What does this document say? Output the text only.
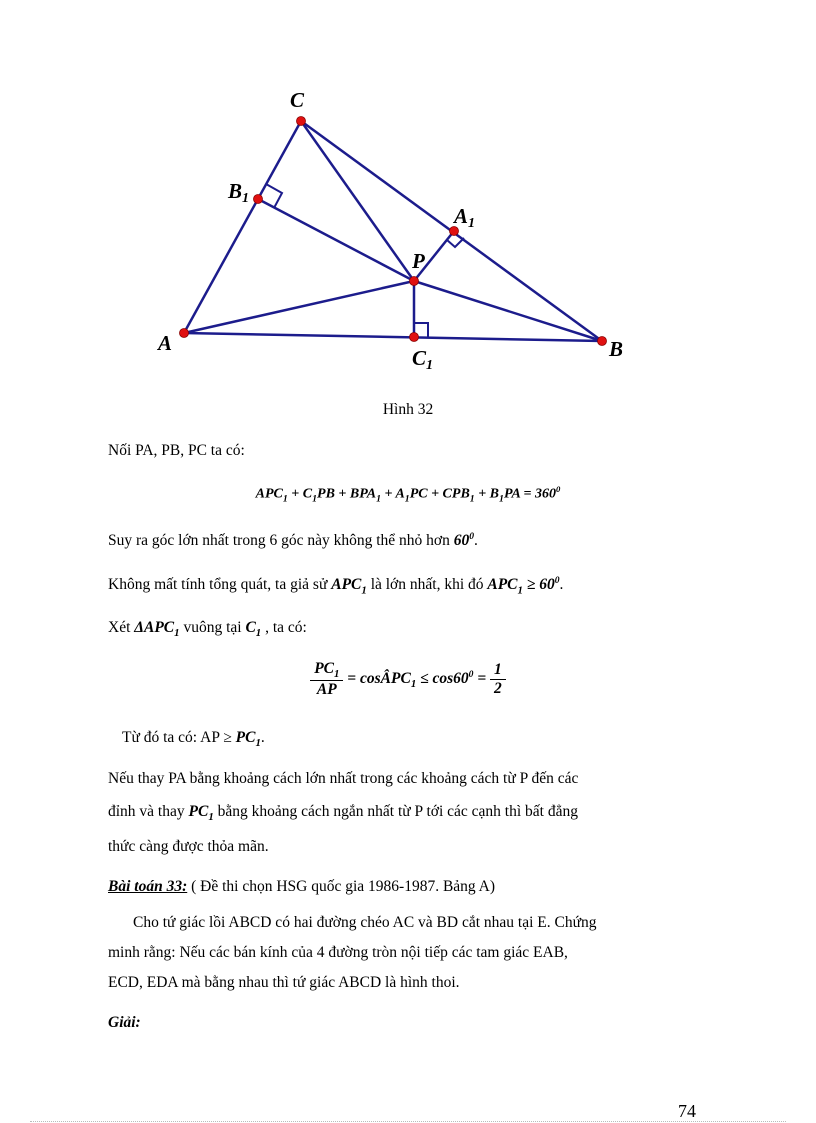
C
B1
A1
P
A
C1
B
Hình 32
Nối PA, PB, PC ta có:
$APC_1 + C_1PB + BPA_1 + A_1PC + CPB_1 + B_1PA = 360^0$
Suy ra góc lớn nhất trong 6 góc này không thể nhỏ hơn $60^0$.
Không mất tính tổng quát, ta giả sử $APC_1$ là lớn nhất, khi đó $APC_1 \ge 60^0$.
Xét $\Delta APC_1$ vuông tại $C_1$ , ta có:
$\frac{PC_1}{AP}$ = cosÂPC$_1$ ≤ $\cos 60^0 = \frac{1}{2}$
Từ đó ta có: AP ≥ $PC_1$.
Nếu thay PA bằng khoảng cách lớn nhất trong các khoảng cách từ P đến các
đỉnh và thay $PC_1$ bằng khoảng cách ngắn nhất từ P tới các cạnh thì bất đẳng
thức càng được thỏa mãn.
Bài toán 33: ( Đề thi chọn HSG quốc gia 1986-1987. Bảng A)
Cho tứ giác lồi ABCD có hai đường chéo AC và BD cắt nhau tại E. Chứng
minh rằng: Nếu các bán kính của 4 đường tròn nội tiếp các tam giác EAB,
ECD, EDA mà bằng nhau thì tứ giác ABCD là hình thoi.
Giải:
74
